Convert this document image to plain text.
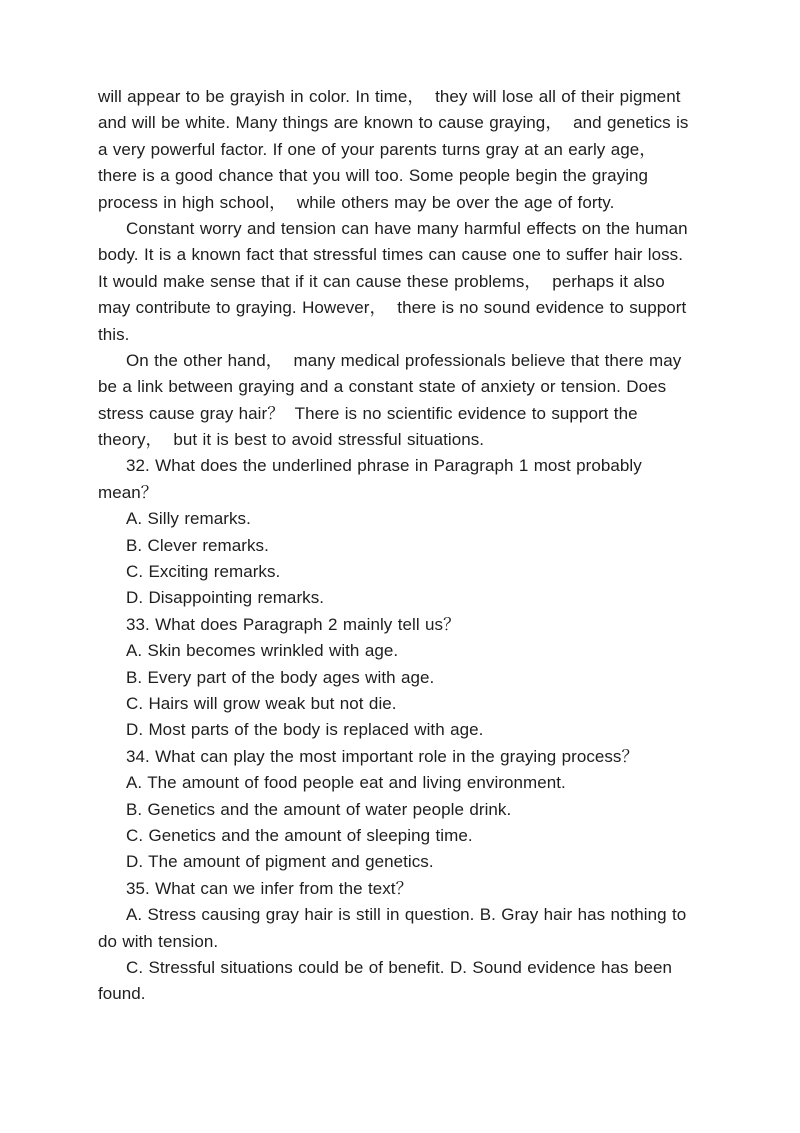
will appear to be grayish in color. In time，  they will lose all of their pigment
and will be white. Many things are known to cause graying，  and genetics is
a very powerful factor. If one of your parents turns gray at an early age，
there is a good chance that you will too. Some people begin the graying
process in high school，  while others may be over the age of forty.
Constant worry and tension can have many harmful effects on the human
body. It is a known fact that stressful times can cause one to suffer hair loss.
It would make sense that if it can cause these problems，  perhaps it also
may contribute to graying. However，  there is no sound evidence to support
this.
On the other hand，  many medical professionals believe that there may
be a link between graying and a constant state of anxiety or tension. Does
stress cause gray hair？  There is no scientific evidence to support the
theory，  but it is best to avoid stressful situations.
32. What does the underlined phrase in Paragraph 1 most probably
mean？
A. Silly remarks.
B. Clever remarks.
C. Exciting remarks.
D. Disappointing remarks.
33. What does Paragraph 2 mainly tell us？
A. Skin becomes wrinkled with age.
B. Every part of the body ages with age.
C. Hairs will grow weak but not die.
D. Most parts of the body is replaced with age.
34. What can play the most important role in the graying process？
A. The amount of food people eat and living environment.
B. Genetics and the amount of water people drink.
C. Genetics and the amount of sleeping time.
D. The amount of pigment and genetics.
35. What can we infer from the text？
A. Stress causing gray hair is still in question. B. Gray hair has nothing to
do with tension.
C. Stressful situations could be of benefit. D. Sound evidence has been
found.
